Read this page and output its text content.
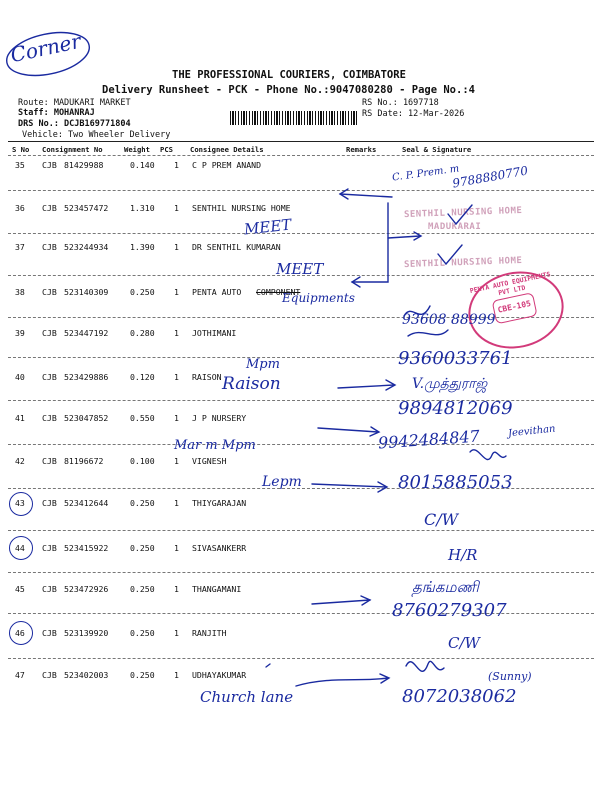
Corner
THE PROFESSIONAL COURIERS, COIMBATORE
Delivery Runsheet - PCK - Phone No.:9047080280 - Page No.:4
Route: MADUKARI MARKET
Staff: MOHANRAJ
DRS No.: DCJB169771804
Vehicle: Two Wheeler Delivery
RS No.: 1697718
RS Date: 12-Mar-2026
S No Consignment No	Weight PCS Consignee Details	Remarks	Seal & Signature
35 CJB 81429988	0.140 1 C P PREM ANAND
36 CJB 523457472	1.310 1 SENTHIL NURSING HOME
37 CJB 523244934	1.390 1 DR SENTHIL KUMARAN
38 CJB 523140309	0.250 1 PENTA AUTO COMPONENT
39 CJB 523447192	0.280 1 JOTHIMANI
40 CJB 523429886	0.120 1 RAISON
41 CJB 523047852	0.550 1 J P NURSERY
42 CJB 81196672	0.100 1 VIGNESH
43 CJB 523412644	0.250 1 THIYGARAJAN
44 CJB 523415922	0.250 1 SIVASANKERR
45 CJB 523472926	0.250 1 THANGAMANI
46 CJB 523139920	0.250 1 RANJITH
47 CJB 523402003	0.250 1 UDHAYAKUMAR
SENTHIL NURSING HOME
MADUKARAI
SENTHIL NURSING HOME
PENTA AUTO EQUIPMENTS PVT LTD
CBE-105
C. P. Prem. m
9788880770
MEET
MEET
Equipments
93608 88999
9360033761
Mpm
Raison	V.முத்துராஜ்
9894812069
Jeevithan
Mar m Mpm	9942484847
Lepm	8015885053
C/W
H/R
தங்கமணி
8760279307
C/W
Church lane
(Sunny)
8072038062
